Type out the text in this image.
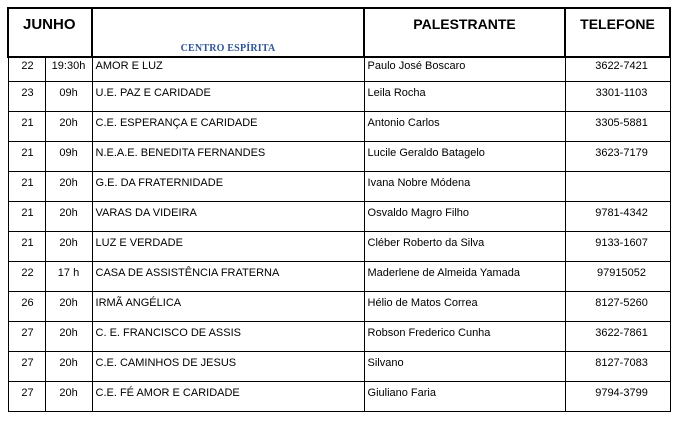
JUNHO		CENTRO ESPÍRITA	PALESTRANTE	TELEFONE
22	19:30h	AMOR E LUZ	Paulo José Boscaro	3622-7421
23	09h	U.E. PAZ E CARIDADE	Leila Rocha	3301-1103
21	20h	C.E. ESPERANÇA E CARIDADE	Antonio Carlos	3305-5881
21	09h	N.E.A.E. BENEDITA FERNANDES	Lucile Geraldo Batagelo	3623-7179
21	20h	G.E. DA FRATERNIDADE	Ivana Nobre Módena	
21	20h	VARAS DA VIDEIRA	Osvaldo Magro Filho	9781-4342
21	20h	LUZ E VERDADE	Cléber Roberto da Silva	9133-1607
22	17 h	CASA DE ASSISTÊNCIA FRATERNA	Maderlene de Almeida Yamada	97915052
26	20h	IRMÃ ANGÉLICA	Hélio de Matos Correa	8127-5260
27	20h	C. E. FRANCISCO DE ASSIS	Robson Frederico Cunha	3622-7861
27	20h	C.E. CAMINHOS DE JESUS	Silvano	8127-7083
27	20h	C.E. FÉ AMOR E CARIDADE	Giuliano Faria	9794-3799
